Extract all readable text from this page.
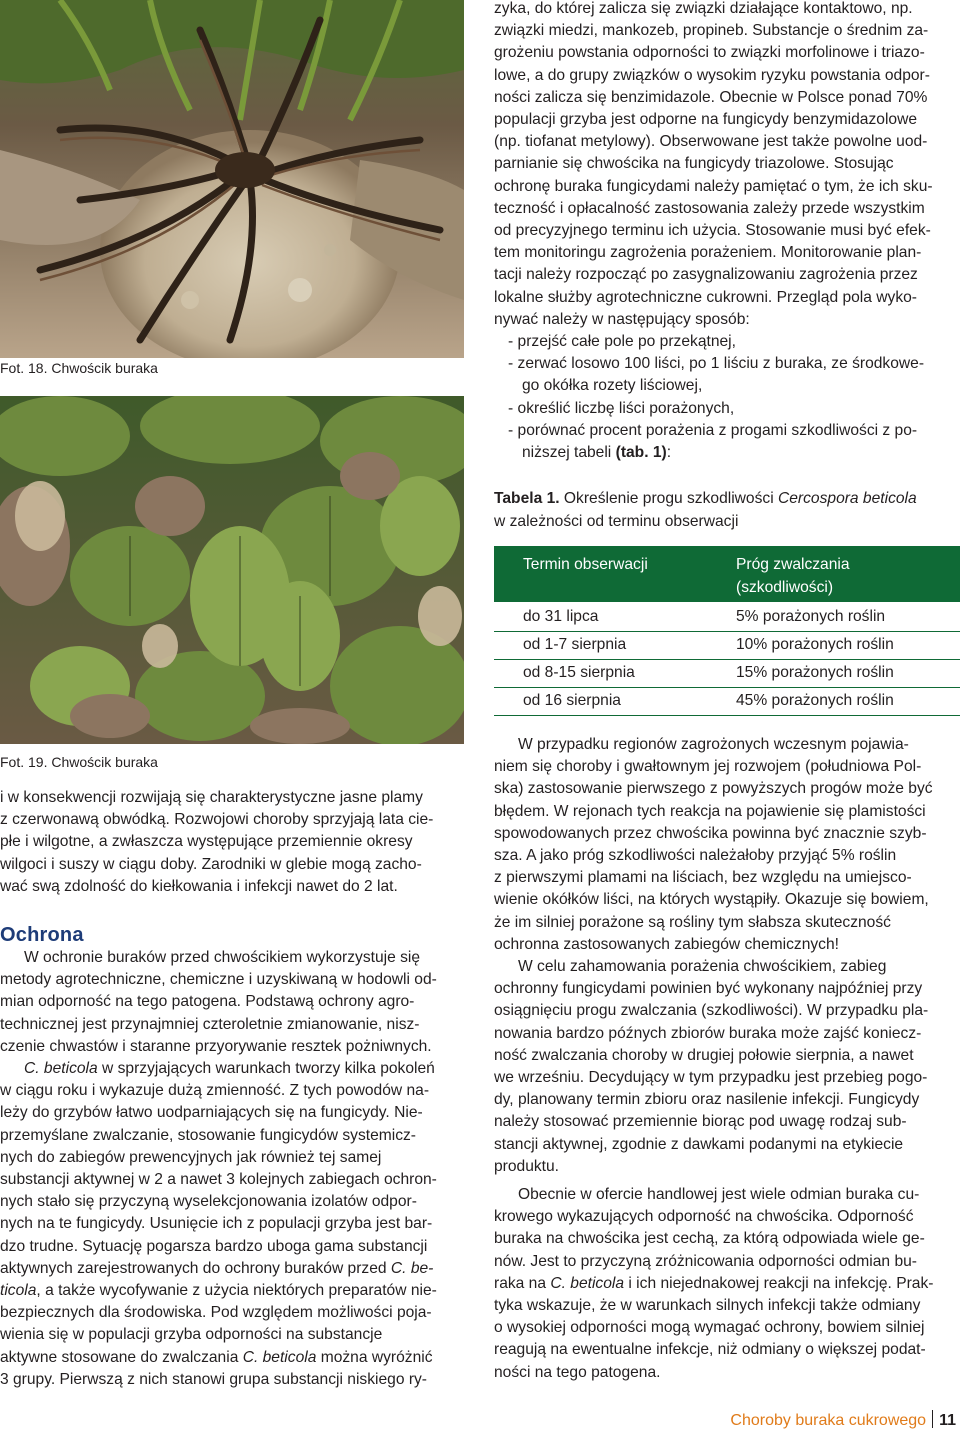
Fot. 18. Chwościk buraka
Fot. 19. Chwościk buraka
zyka, do której zalicza się związki działające kontaktowo, np.
związki miedzi, mankozeb, propineb. Substancje o średnim za-
grożeniu powstania odporności to związki morfolinowe i triazo-
lowe, a do grupy związków o wysokim ryzyku powstania odpor-
ności zalicza się benzimidazole. Obecnie w Polsce ponad 70%
populacji grzyba jest odporne na fungicydy benzymidazolowe
(np. tiofanat metylowy). Obserwowane jest także powolne uod-
parnianie się chwościka na fungicydy triazolowe. Stosując
ochronę buraka fungicydami należy pamiętać o tym, że ich sku-
teczność i opłacalność zastosowania zależy przede wszystkim
od precyzyjnego terminu ich użycia. Stosowanie musi być efek-
tem monitoringu zagrożenia porażeniem. Monitorowanie plan-
tacji należy rozpocząć po zasygnalizowaniu zagrożenia przez
lokalne służby agrotechniczne cukrowni. Przegląd pola wyko-
nywać należy w następujący sposób:
- przejść całe pole po przekątnej,
- zerwać losowo 100 liści, po 1 liściu z buraka, ze środkowe-
go okółka rozety liściowej,
- określić liczbę liści porażonych,
- porównać procent porażenia z progami szkodliwości z po-
niższej tabeli (tab. 1):
Tabela 1. Określenie progu szkodliwości Cercospora beticola
w zależności od terminu obserwacji
Termin obserwacji	Próg zwalczania
(szkodliwości)
do 31 lipca	5% porażonych roślin
od 1-7 sierpnia	10% porażonych roślin
od 8-15 sierpnia	15% porażonych roślin
od 16 sierpnia	45% porażonych roślin
i w konsekwencji rozwijają się charakterystyczne jasne plamy
z czerwonawą obwódką. Rozwojowi choroby sprzyjają lata cie-
płe i wilgotne, a zwłaszcza występujące przemiennie okresy
wilgoci i suszy w ciągu doby. Zarodniki w glebie mogą zacho-
wać swą zdolność do kiełkowania i infekcji nawet do 2 lat.
Ochrona
W ochronie buraków przed chwościkiem wykorzystuje się
metody agrotechniczne, chemiczne i uzyskiwaną w hodowli od-
mian odporność na tego patogena. Podstawą ochrony agro-
technicznej jest przynajmniej czteroletnie zmianowanie, nisz-
czenie chwastów i staranne przyorywanie resztek pożniwnych.
C. beticola w sprzyjających warunkach tworzy kilka pokoleń
w ciągu roku i wykazuje dużą zmienność. Z tych powodów na-
leży do grzybów łatwo uodparniających się na fungicydy. Nie-
przemyślane zwalczanie, stosowanie fungicydów systemicz-
nych do zabiegów prewencyjnych jak również tej samej
substancji aktywnej w 2 a nawet 3 kolejnych zabiegach ochron-
nych stało się przyczyną wyselekcjonowania izolatów odpor-
nych na te fungicydy. Usunięcie ich z populacji grzyba jest bar-
dzo trudne. Sytuację pogarsza bardzo uboga gama substancji
aktywnych zarejestrowanych do ochrony buraków przed C. be-
ticola, a także wycofywanie z użycia niektórych preparatów nie-
bezpiecznych dla środowiska. Pod względem możliwości poja-
wienia się w populacji grzyba odporności na substancje
aktywne stosowane do zwalczania C. beticola można wyróżnić
3 grupy. Pierwszą z nich stanowi grupa substancji niskiego ry-
W przypadku regionów zagrożonych wczesnym pojawia-
niem się choroby i gwałtownym jej rozwojem (południowa Pol-
ska) zastosowanie pierwszego z powyższych progów może być
błędem. W rejonach tych reakcja na pojawienie się plamistości
spowodowanych przez chwościka powinna być znacznie szyb-
sza. A jako próg szkodliwości należałoby przyjąć 5% roślin
z pierwszymi plamami na liściach, bez względu na umiejsco-
wienie okółków liści, na których wystąpiły. Okazuje się bowiem,
że im silniej porażone są rośliny tym słabsza skuteczność
ochronna zastosowanych zabiegów chemicznych!
W celu zahamowania porażenia chwościkiem, zabieg
ochronny fungicydami powinien być wykonany najpóźniej przy
osiągnięciu progu zwalczania (szkodliwości). W przypadku pla-
nowania bardzo późnych zbiorów buraka może zajść koniecz-
ność zwalczania choroby w drugiej połowie sierpnia, a nawet
we wrześniu. Decydujący w tym przypadku jest przebieg pogo-
dy, planowany termin zbioru oraz nasilenie infekcji. Fungicydy
należy stosować przemiennie biorąc pod uwagę rodzaj sub-
stancji aktywnej, zgodnie z dawkami podanymi na etykiecie
produktu.
Obecnie w ofercie handlowej jest wiele odmian buraka cu-
krowego wykazujących odporność na chwościka. Odporność
buraka na chwościka jest cechą, za którą odpowiada wiele ge-
nów. Jest to przyczyną zróżnicowania odporności odmian bu-
raka na C. beticola i ich niejednakowej reakcji na infekcję. Prak-
tyka wskazuje, że w warunkach silnych infekcji także odmiany
o wysokiej odporności mogą wymagać ochrony, bowiem silniej
reagują na ewentualne infekcje, niż odmiany o większej podat-
ności na tego patogena.
Choroby buraka cukrowego 11
